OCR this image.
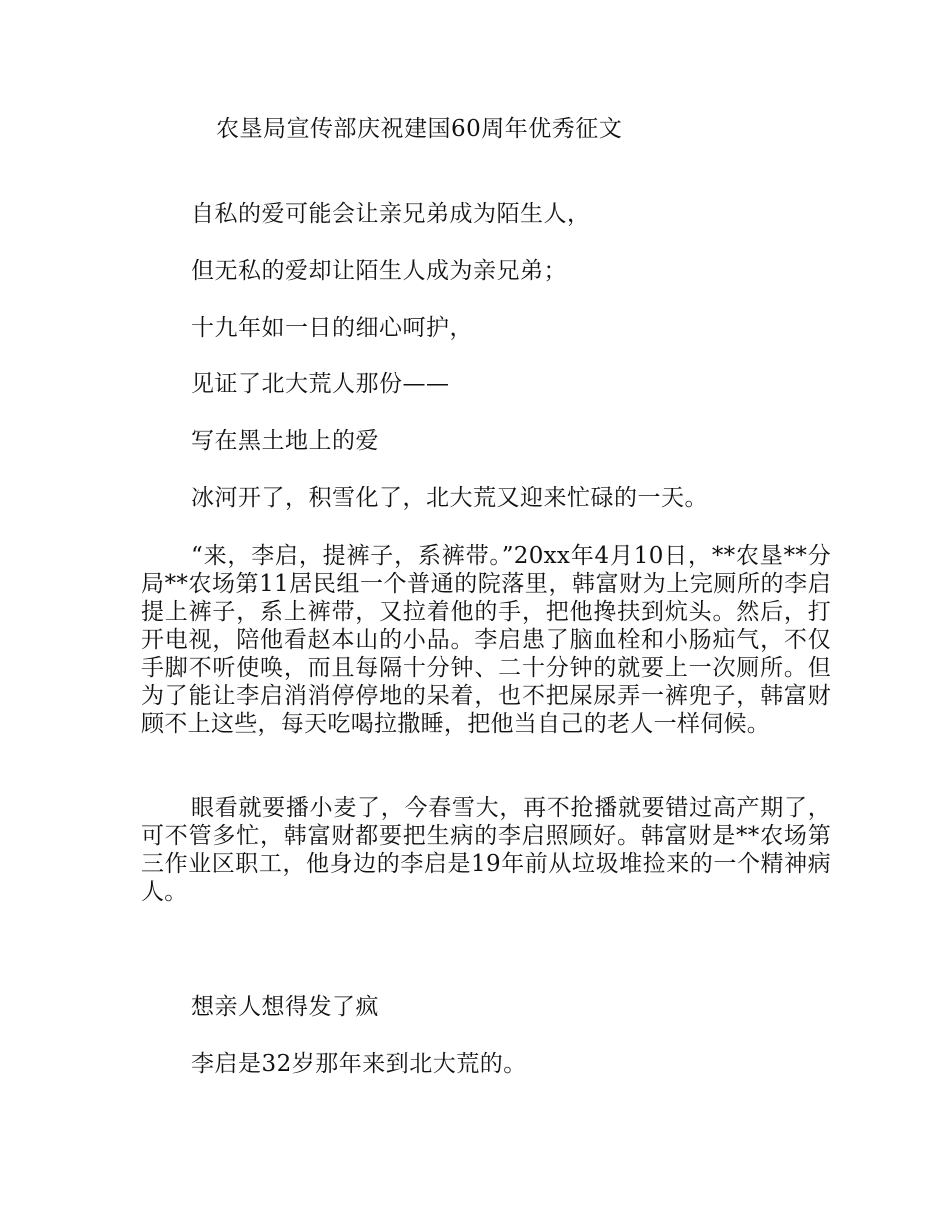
农垦局宣传部庆祝建国60周年优秀征文
自私的爱可能会让亲兄弟成为陌生人，
但无私的爱却让陌生人成为亲兄弟；
十九年如一日的细心呵护，
见证了北大荒人那份——
写在黑土地上的爱
冰河开了，积雪化了，北大荒又迎来忙碌的一天。
“来，李启，提裤子，系裤带。”20xx年4月10日，**农垦**分局**农场第11居民组一个普通的院落里，韩富财为上完厕所的李启提上裤子，系上裤带，又拉着他的手，把他搀扶到炕头。然后，打开电视，陪他看赵本山的小品。李启患了脑血栓和小肠疝气，不仅手脚不听使唤，而且每隔十分钟、二十分钟的就要上一次厕所。但为了能让李启消消停停地的呆着，也不把屎尿弄一裤兜子，韩富财顾不上这些，每天吃喝拉撒睡，把他当自己的老人一样伺候。
眼看就要播小麦了，今春雪大，再不抢播就要错过高产期了，可不管多忙，韩富财都要把生病的李启照顾好。韩富财是**农场第三作业区职工，他身边的李启是19年前从垃圾堆捡来的一个精神病人。
想亲人想得发了疯
李启是32岁那年来到北大荒的。
